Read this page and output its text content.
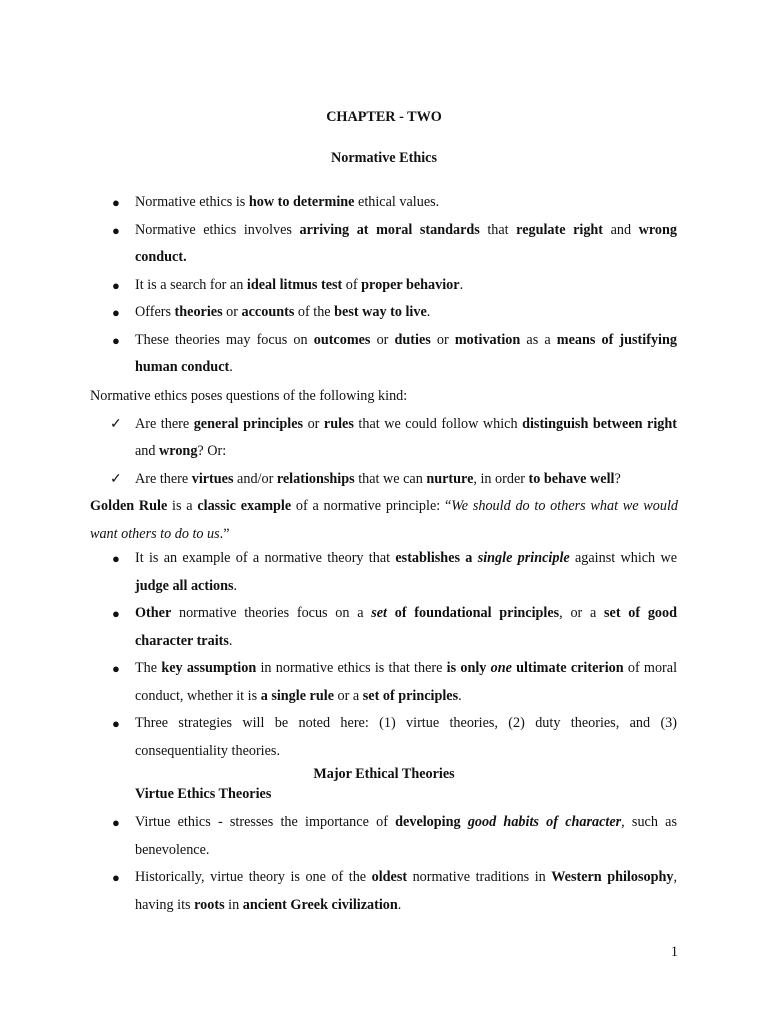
CHAPTER - TWO
Normative Ethics
● Normative ethics is how to determine ethical values.
● Normative ethics involves arriving at moral standards that regulate right and wrong conduct.
● It is a search for an ideal litmus test of proper behavior.
● Offers theories or accounts of the best way to live.
● These theories may focus on outcomes or duties or motivation as a means of justifying human conduct.
Normative ethics poses questions of the following kind:
✓ Are there general principles or rules that we could follow which distinguish between right and wrong? Or:
✓ Are there virtues and/or relationships that we can nurture, in order to behave well?
Golden Rule is a classic example of a normative principle: “We should do to others what we would want others to do to us.”
● It is an example of a normative theory that establishes a single principle against which we judge all actions.
● Other normative theories focus on a set of foundational principles, or a set of good character traits.
● The key assumption in normative ethics is that there is only one ultimate criterion of moral conduct, whether it is a single rule or a set of principles.
● Three strategies will be noted here: (1) virtue theories, (2) duty theories, and (3) consequentiality theories.
Major Ethical Theories
Virtue Ethics Theories
● Virtue ethics - stresses the importance of developing good habits of character, such as benevolence.
● Historically, virtue theory is one of the oldest normative traditions in Western philosophy, having its roots in ancient Greek civilization.
1
